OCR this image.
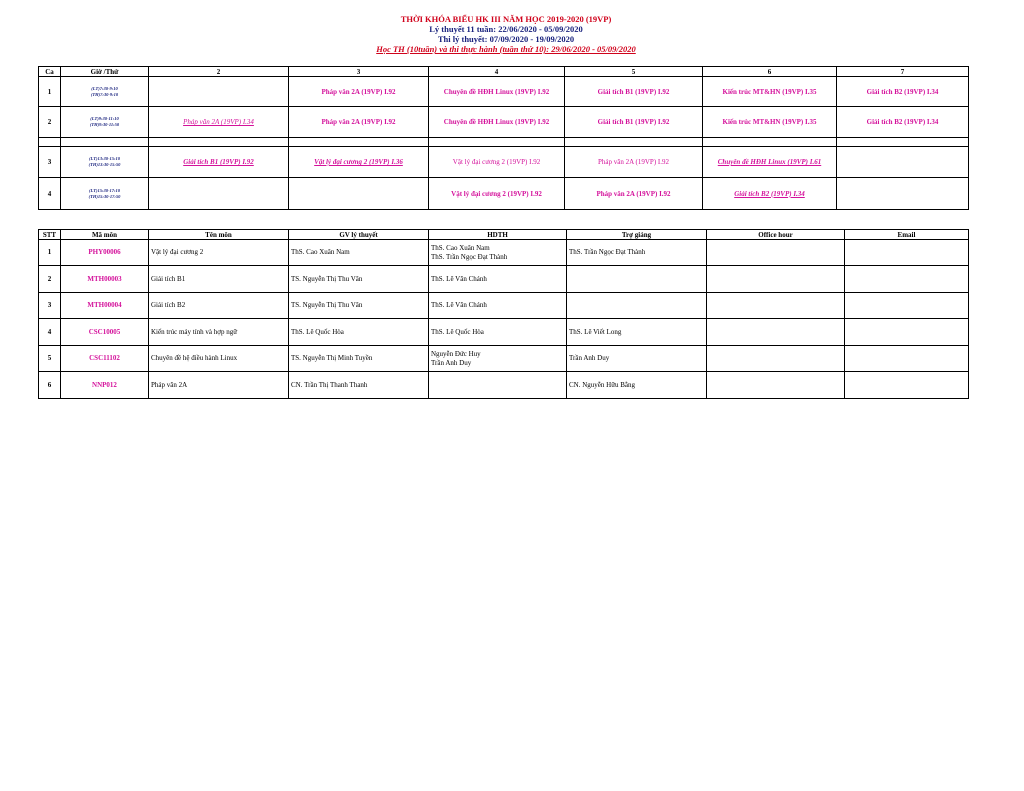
THỜI KHÓA BIỂU HK III NĂM HỌC 2019-2020 (19VP)
Lý thuyết 11 tuần: 22/06/2020 - 05/09/2020
Thi lý thuyết: 07/09/2020 - 19/09/2020
Học TH (10tuần) và thi thực hành (tuần thứ 10): 29/06/2020 - 05/09/2020
Ca	Giờ /Thứ	2	3	4	5	6	7
1	(LT)7:30-9:10
(TH)7:30-9:10		Pháp văn 2A (19VP) I.92	Chuyên đề HĐH Linux (19VP) I.92	Giải tích B1 (19VP) I.92	Kiến trúc MT&HN (19VP) I.35	Giải tích B2 (19VP) I.34
2	(LT)9:30-11:10
(TH)9:30-11:50	Pháp văn 2A (19VP) I.34	Pháp văn 2A (19VP) I.92	Chuyên đề HĐH Linux (19VP) I.92	Giải tích B1 (19VP) I.92	Kiến trúc MT&HN (19VP) I.35	Giải tích B2 (19VP) I.34

3	(LT)13:30-15:10
(TH)13:30-15:50	Giải tích B1 (19VP) I.92	Vật lý đại cương 2 (19VP) I.36	Vật lý đại cương 2 (19VP) I.92	Pháp văn 2A (19VP) I.92	Chuyên đề HĐH Linux (19VP) I.61	
4	(LT)15:30-17:10
(TH)15:30-17:50			Vật lý đại cương 2 (19VP) I.92	Pháp văn 2A (19VP) I.92	Giải tích B2 (19VP) I.34	
STT	Mã môn	Tên môn	GV lý thuyết	HDTH	Trợ giảng	Office hour	Email
1	PHY00006	Vật lý đại cương 2	ThS. Cao Xuân Nam	ThS. Cao Xuân Nam
ThS. Trần Ngọc Đạt Thành	ThS. Trần Ngọc Đạt Thành		
2	MTH00003	Giải tích B1	TS. Nguyễn Thị Thu Vân	ThS. Lê Văn Chánh			

3	MTH00004	Giải tích B2	TS. Nguyễn Thị Thu Vân	ThS. Lê Văn Chánh			

4	CSC10005	Kiến trúc máy tính và hợp ngữ	ThS. Lê Quốc Hòa	ThS. Lê Quốc Hòa	ThS. Lê Viết Long		
5	CSC11102	Chuyên đề hệ điều hành Linux	TS. Nguyễn Thị Minh Tuyền	Nguyễn Đức Huy
Trần Anh Duy	Trần Anh Duy		
6	NNP012	Pháp văn 2A	CN. Trần Thị Thanh Thanh		CN. Nguyễn Hữu Bằng		
